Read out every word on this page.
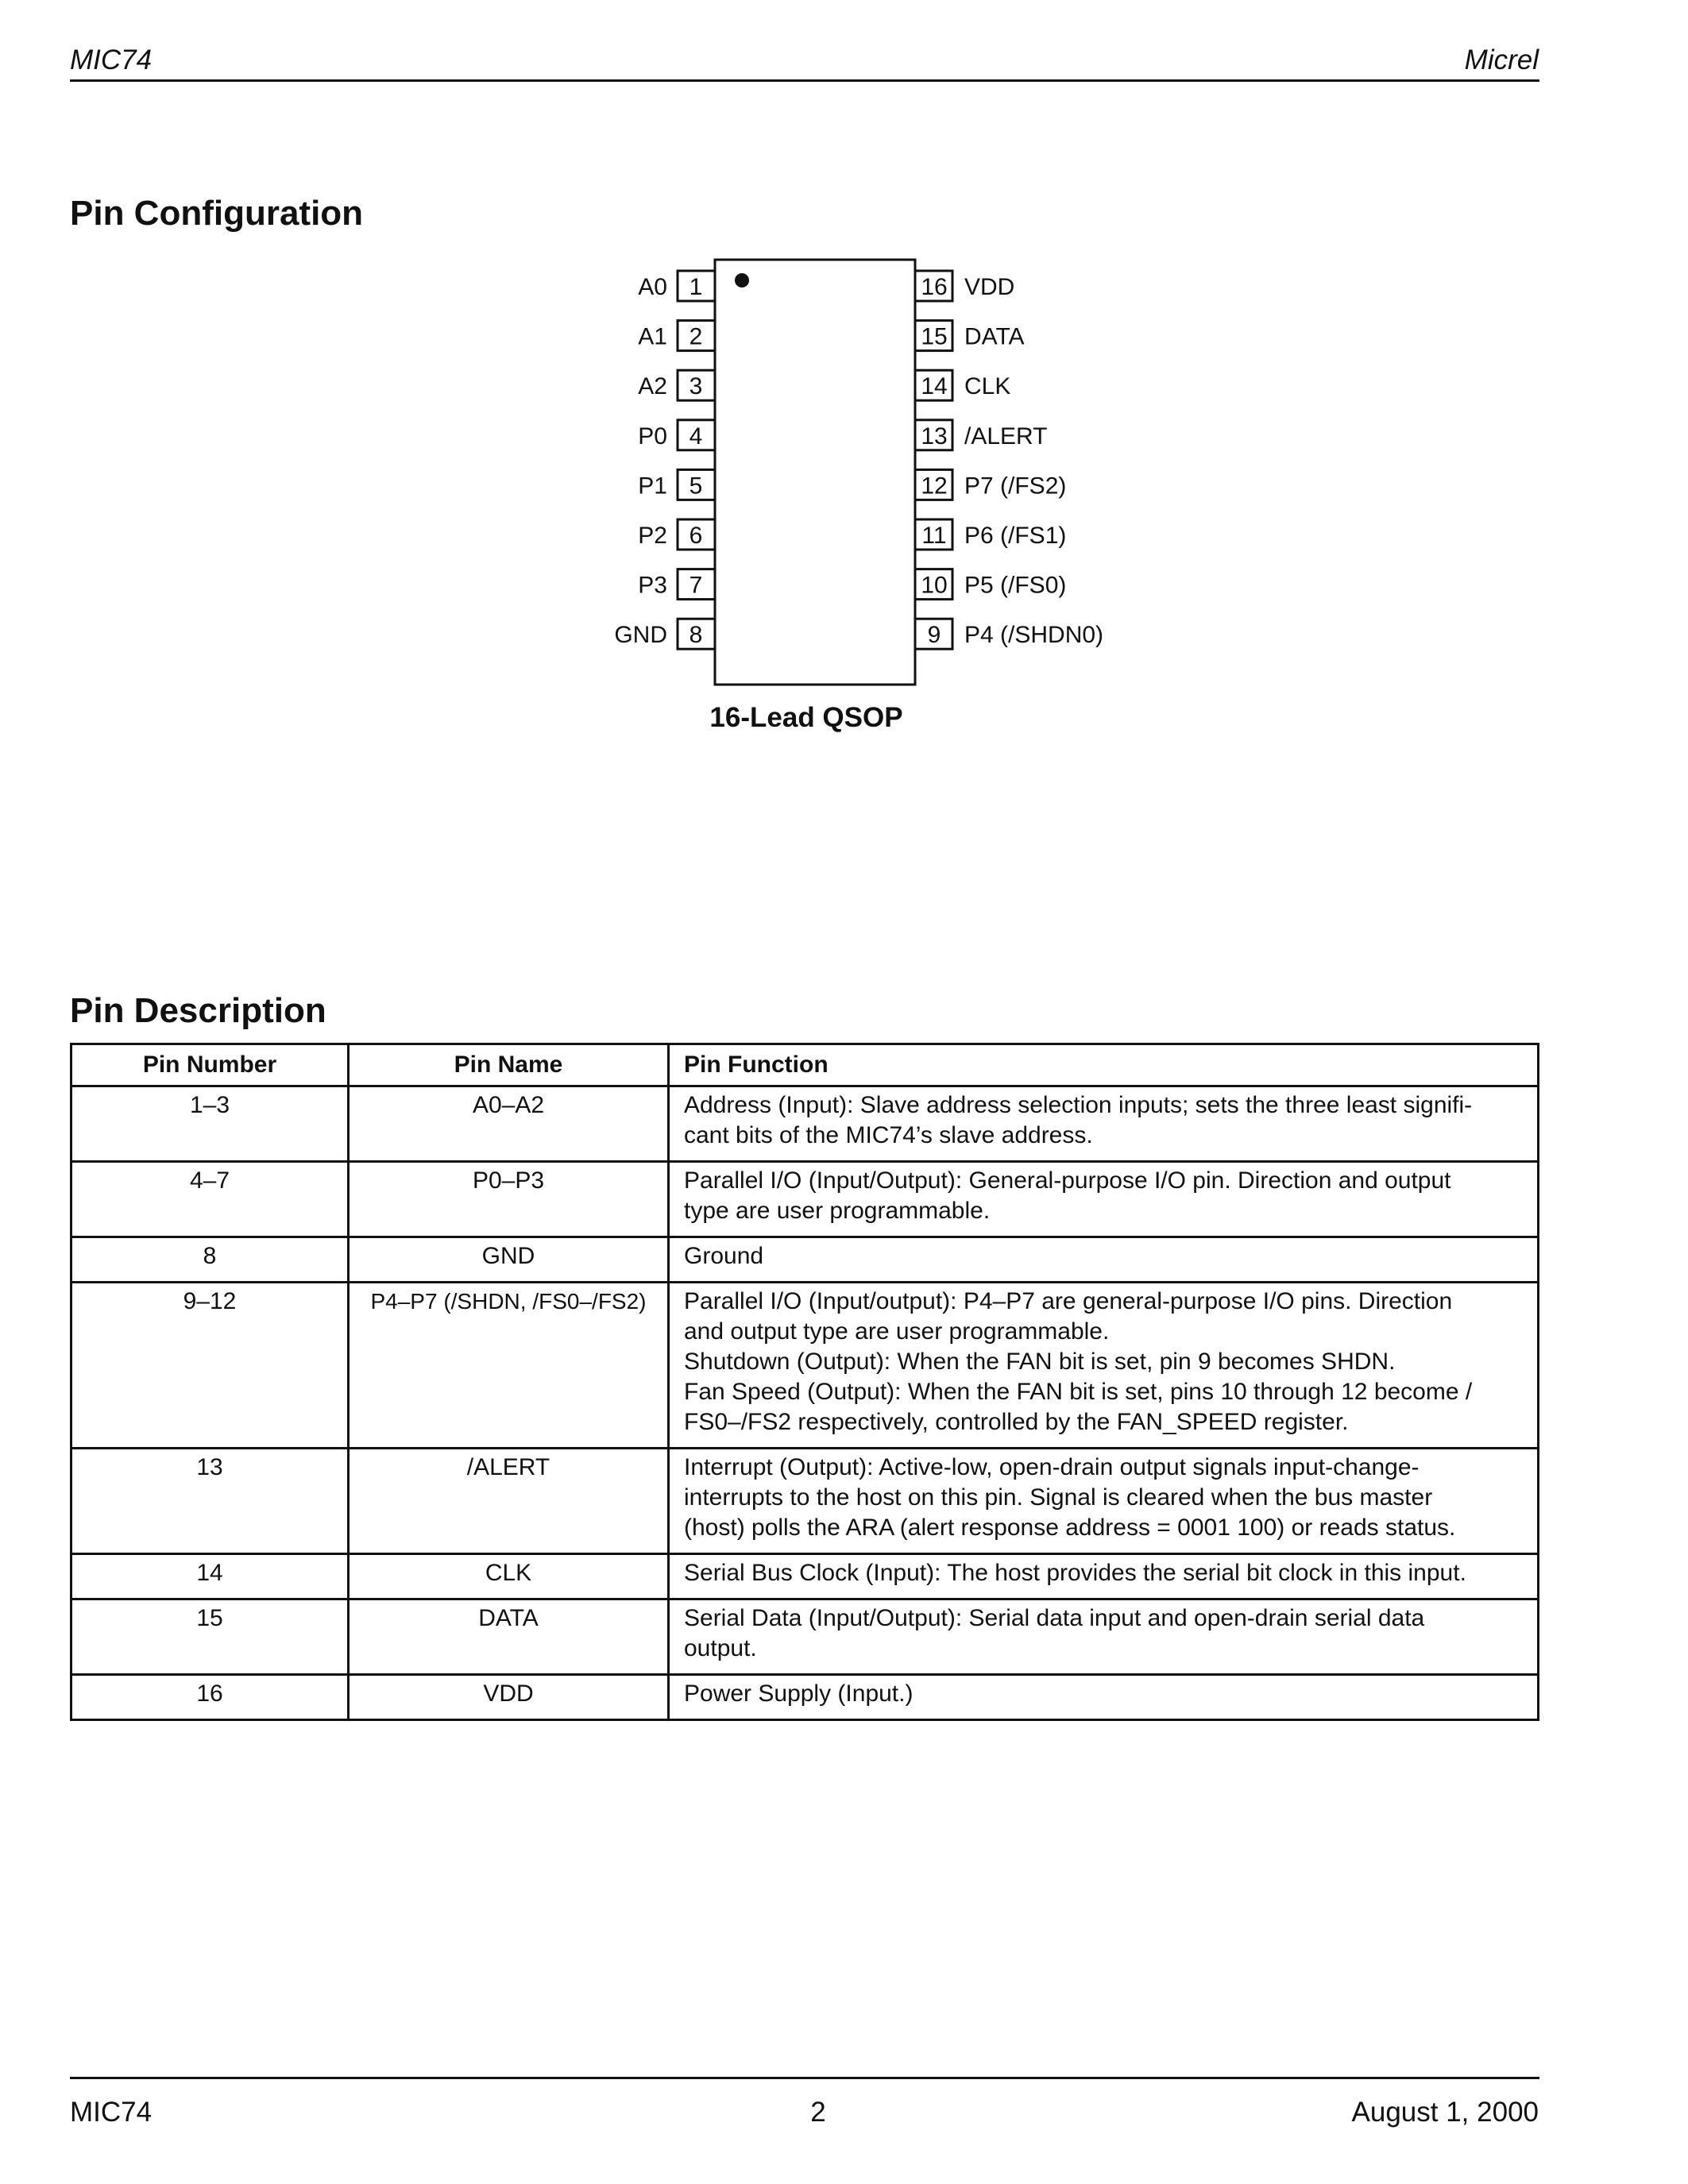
MIC74	Micrel
Pin Configuration
1
A0
2
A1
3
A2
4
P0
5
P1
6
P2
7
P3
8
GND
16 VDD
15 DATA
14 CLK
13 /ALERT
12 P7 (/FS2)
11 P6 (/FS1)
10 P5 (/FS0)
9 P4 (/SHDN0)
16-Lead QSOP
Pin Description
Pin Number	Pin Name	Pin Function
1–3	A0–A2	Address (Input): Slave address selection inputs; sets the three least signifi-
cant bits of the MIC74’s slave address.

4–7	P0–P3	Parallel I/O (Input/Output): General-purpose I/O pin. Direction and output
type are user programmable.

8	GND	Ground

9–12	P4–P7 (/SHDN, /FS0–/FS2)	Parallel I/O (Input/output): P4–P7 are general-purpose I/O pins. Direction
and output type are user programmable.
Shutdown (Output): When the FAN bit is set, pin 9 becomes SHDN.
Fan Speed (Output): When the FAN bit is set, pins 10 through 12 become /
FS0–/FS2 respectively, controlled by the FAN_SPEED register.

13	/ALERT	Interrupt (Output): Active-low, open-drain output signals input-change-
interrupts to the host on this pin. Signal is cleared when the bus master
(host) polls the ARA (alert response address = 0001 100) or reads status.

14	CLK	Serial Bus Clock (Input): The host provides the serial bit clock in this input.

15	DATA	Serial Data (Input/Output): Serial data input and open-drain serial data
output.

16	VDD	Power Supply (Input.)
MIC74	2	August 1, 2000
